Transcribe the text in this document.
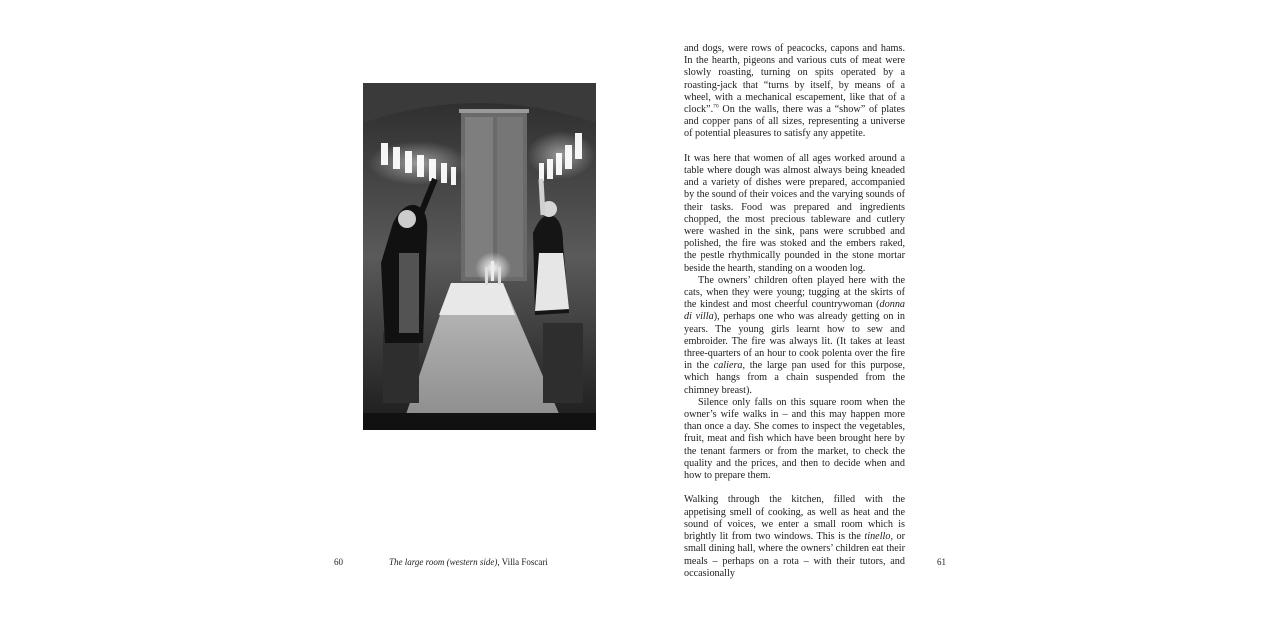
60	The large room (western side), Villa Foscari

and dogs, were rows of peacocks, capons and hams. In the hearth, pigeons and various cuts of meat were slowly roasting, turning on spits operated by a roasting-jack that “turns by itself, by means of a wheel, with a mechanical escapement, like that of a clock”.$^{70}$ On the walls, there was a “show” of plates and copper pans of all sizes, representing a universe of potential pleasures to satisfy any appetite.

It was here that women of all ages worked around a table where dough was almost always being kneaded and a variety of dishes were prepared, accompanied by the sound of their voices and the varying sounds of their tasks. Food was prepared and ingredients chopped, the most precious tableware and cutlery were washed in the sink, pans were scrubbed and polished, the fire was stoked and the embers raked, the pestle rhythmically pounded in the stone mortar beside the hearth, standing on a wooden log.

The owners’ children often played here with the cats, when they were young; tugging at the skirts of the kindest and most cheerful countrywoman (donna di villa), perhaps one who was already getting on in years. The young girls learnt how to sew and embroider. The fire was always lit. (It takes at least three-quarters of an hour to cook polenta over the fire in the caliera, the large pan used for this purpose, which hangs from a chain suspended from the chimney breast).

Silence only falls on this square room when the owner’s wife walks in – and this may happen more than once a day. She comes to inspect the vegetables, fruit, meat and fish which have been brought here by the tenant farmers or from the market, to check the quality and the prices, and then to decide when and how to prepare them.

Walking through the kitchen, filled with the appetising smell of cooking, as well as heat and the sound of voices, we enter a small room which is brightly lit from two windows. This is the tinello, or small dining hall, where the owners’ children eat their meals – perhaps on a rota – with their tutors, and occasionally

61
